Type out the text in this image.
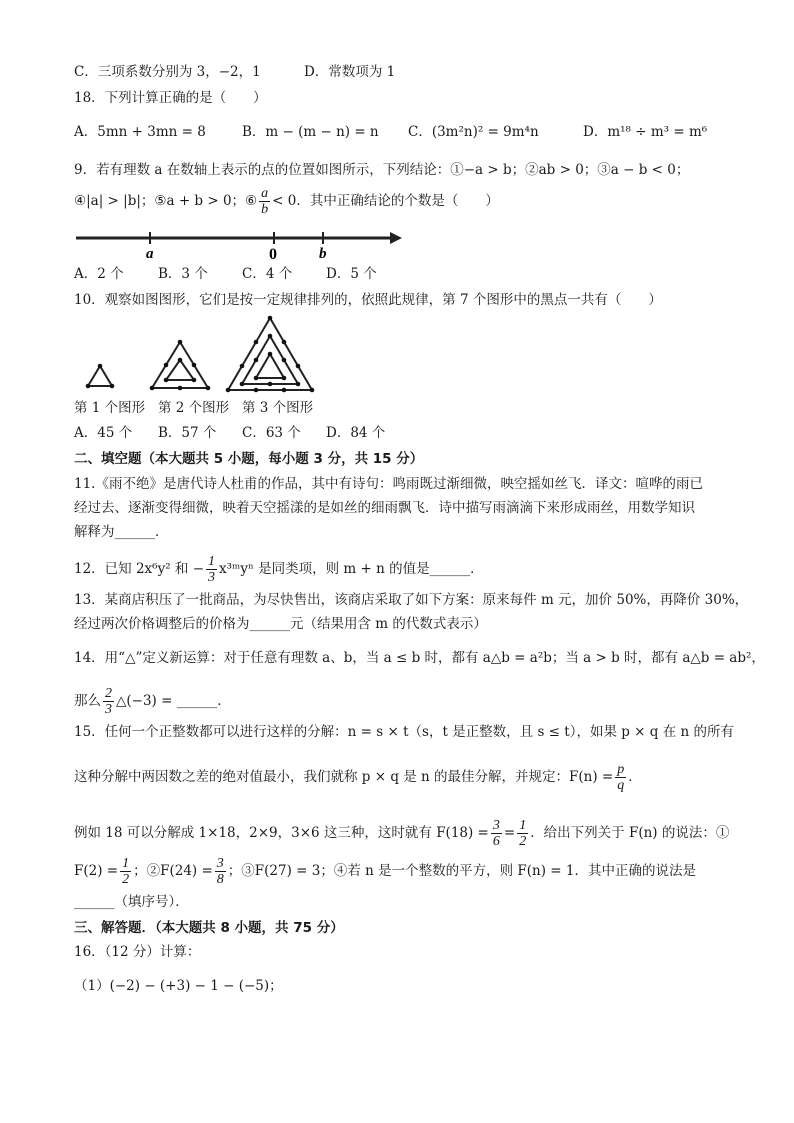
C．三项系数分别为 3，−2，1	D．常数项为 1
18．下列计算正确的是（　　）
A．5mn + 3mn = 8	B．m − (m − n) = n C．(3m²n)² = 9m⁴n	D．m¹⁸ ÷ m³ = m⁶
9．若有理数 a 在数轴上表示的点的位置如图所示，下列结论：①−a > b；②ab > 0；③a − b < 0；
④|a| > |b|；⑤a + b > 0；⑥ $\frac{a}{b} < 0$．其中正确结论的个数是（　　）
a	0	b
A．2 个	B．3 个	C．4 个	D．5 个
10．观察如图图形，它们是按一定规律排列的，依照此规律，第 7 个图形中的黑点一共有（　　）
第 1 个图形 第 2 个图形 第 3 个图形
A．45 个 B．57 个 C．63 个 D．84 个
二、填空题（本大题共 5 小题，每小题 3 分，共 15 分）
11.《雨不绝》是唐代诗人杜甫的作品，其中有诗句：鸣雨既过渐细微，映空摇如丝飞．译文：喧哗的雨已
经过去、逐渐变得细微，映着天空摇漾的是如丝的细雨飘飞．诗中描写雨滴滴下来形成雨丝，用数学知识
解释为______．
12．已知 2x⁶y² 和 − $\frac{1}{3}$ x³ᵐyⁿ 是同类项，则 m + n 的值是______．
13．某商店积压了一批商品，为尽快售出，该商店采取了如下方案：原来每件 m 元，加价 50%，再降价 30%，
经过两次价格调整后的价格为______元（结果用含 m 的代数式表示）
14．用“△”定义新运算：对于任意有理数 a、b，当 a ≤ b 时，都有 a△b = a²b；当 a > b 时，都有 a△b = ab²，
那么 $\frac{2}{3}$ △(−3) = ______．
15．任何一个正整数都可以进行这样的分解：n = s × t（s，t 是正整数，且 s ≤ t），如果 p × q 在 n 的所有
这种分解中两因数之差的绝对值最小，我们就称 p × q 是 n 的最佳分解，并规定：$F(n) = \frac{p}{q}$ ．
例如 18 可以分解成 1×18，2×9，3×6 这三种，这时就有 $F(18) = \frac{3}{6} = \frac{1}{2}$ ．给出下列关于 F(n) 的说法：①
$F(2) = \frac{1}{2}$ ；②F(24) = $\frac{3}{8}$ ；③F(27) = 3；④若 n 是一个整数的平方，则 F(n) = 1．其中正确的说法是
______（填序号）．
三、解答题．（本大题共 8 小题，共 75 分）
16．（12 分）计算：
（1）(−2) − (+3) − 1 − (−5)；
